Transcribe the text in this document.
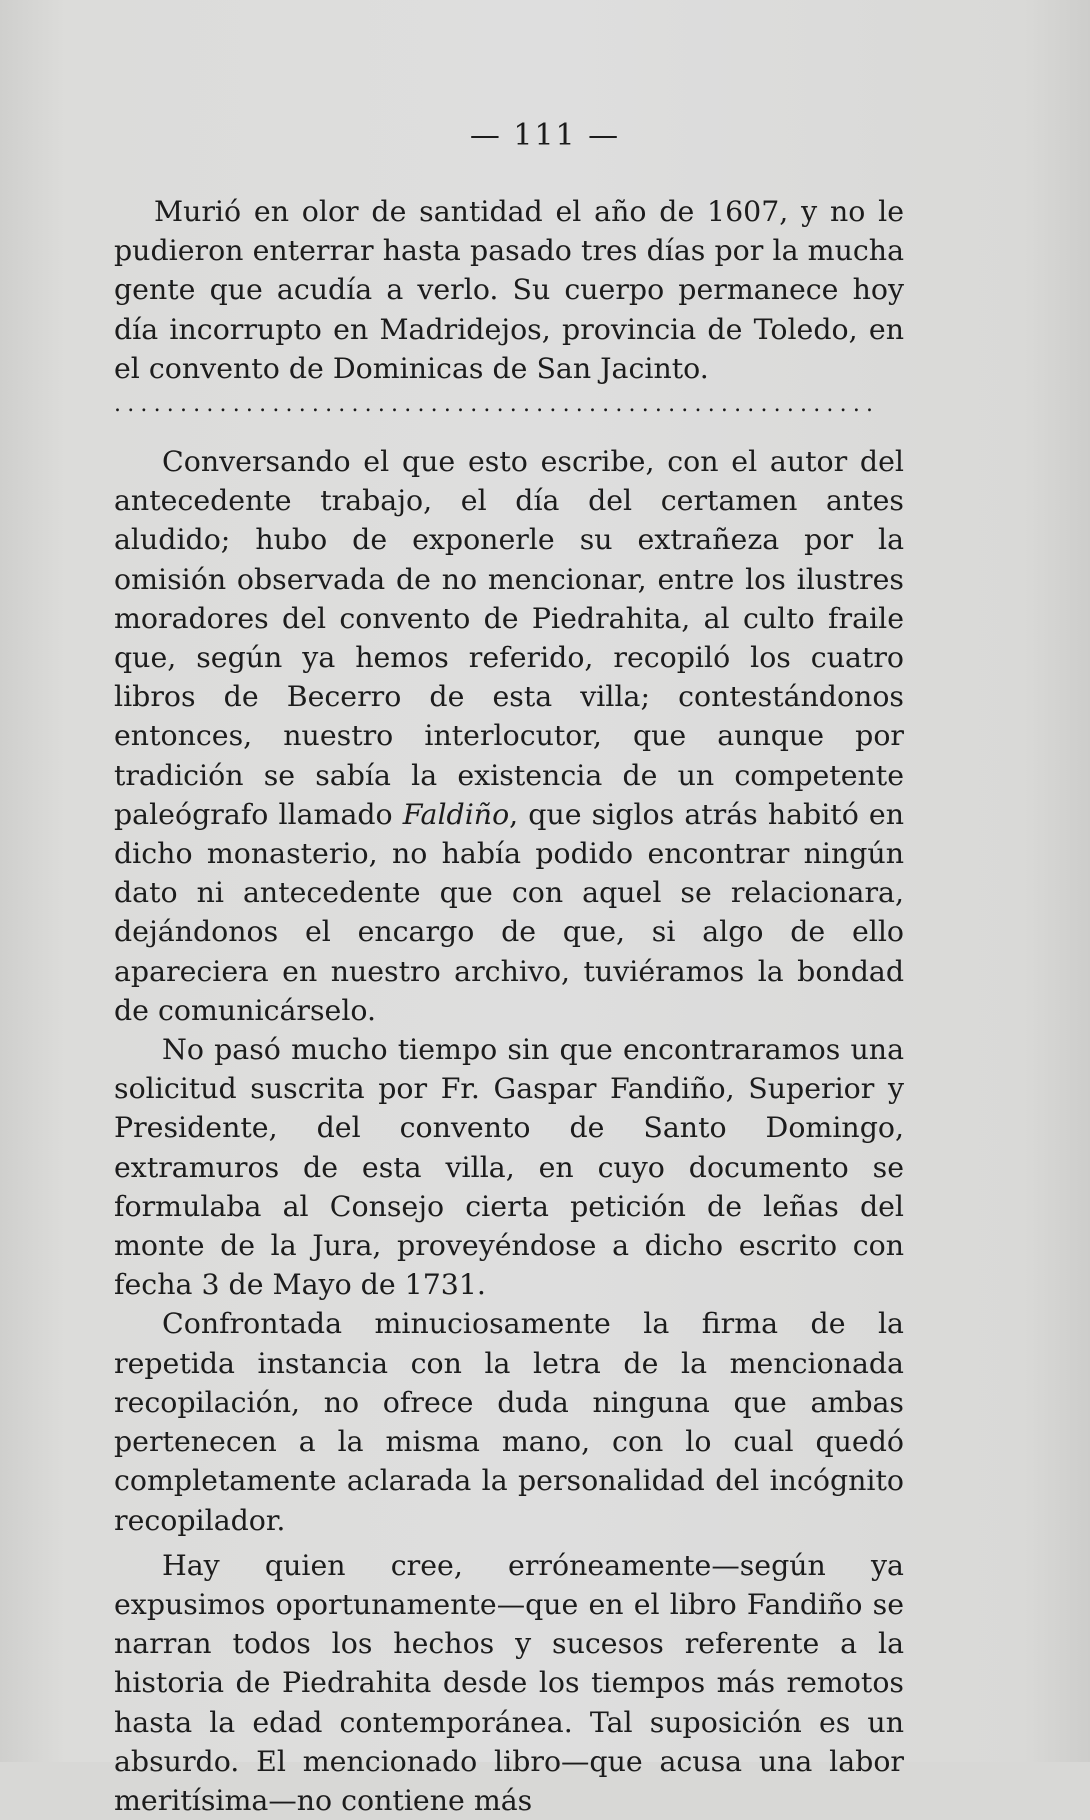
— 111 —

Murió en olor de santidad el año de 1607, y no le pudieron enterrar hasta pasado tres días por la mucha gente que acudía a verlo. Su cuerpo permanece hoy día incorrupto en Madridejos, provincia de Toledo, en el convento de Dominicas de San Jacinto.

..........................................................

Conversando el que esto escribe, con el autor del antecedente trabajo, el día del certamen antes aludido; hubo de exponerle su extrañeza por la omisión observada de no mencionar, entre los ilustres moradores del convento de Piedrahita, al culto fraile que, según ya hemos referido, recopiló los cuatro libros de Becerro de esta villa; contestándonos entonces, nuestro interlocutor, que aunque por tradición se sabía la existencia de un competente paleógrafo llamado Faldiño, que siglos atrás habitó en dicho monasterio, no había podido encontrar ningún dato ni antecedente que con aquel se relacionara, dejándonos el encargo de que, si algo de ello apareciera en nuestro archivo, tuviéramos la bondad de comunicárselo.

No pasó mucho tiempo sin que encontraramos una solicitud suscrita por Fr. Gaspar Fandiño, Superior y Presidente, del convento de Santo Domingo, extramuros de esta villa, en cuyo documento se formulaba al Consejo cierta petición de leñas del monte de la Jura, proveyéndose a dicho escrito con fecha 3 de Mayo de 1731.

Confrontada minuciosamente la firma de la repetida instancia con la letra de la mencionada recopilación, no ofrece duda ninguna que ambas pertenecen a la misma mano, con lo cual quedó completamente aclarada la personalidad del incógnito recopilador.

Hay quien cree, erróneamente—según ya expusimos oportunamente—que en el libro Fandiño se narran todos los hechos y sucesos referente a la historia de Piedrahita desde los tiempos más remotos hasta la edad contemporánea. Tal suposición es un absurdo. El mencionado libro—que acusa una labor meritísima—no contiene más
